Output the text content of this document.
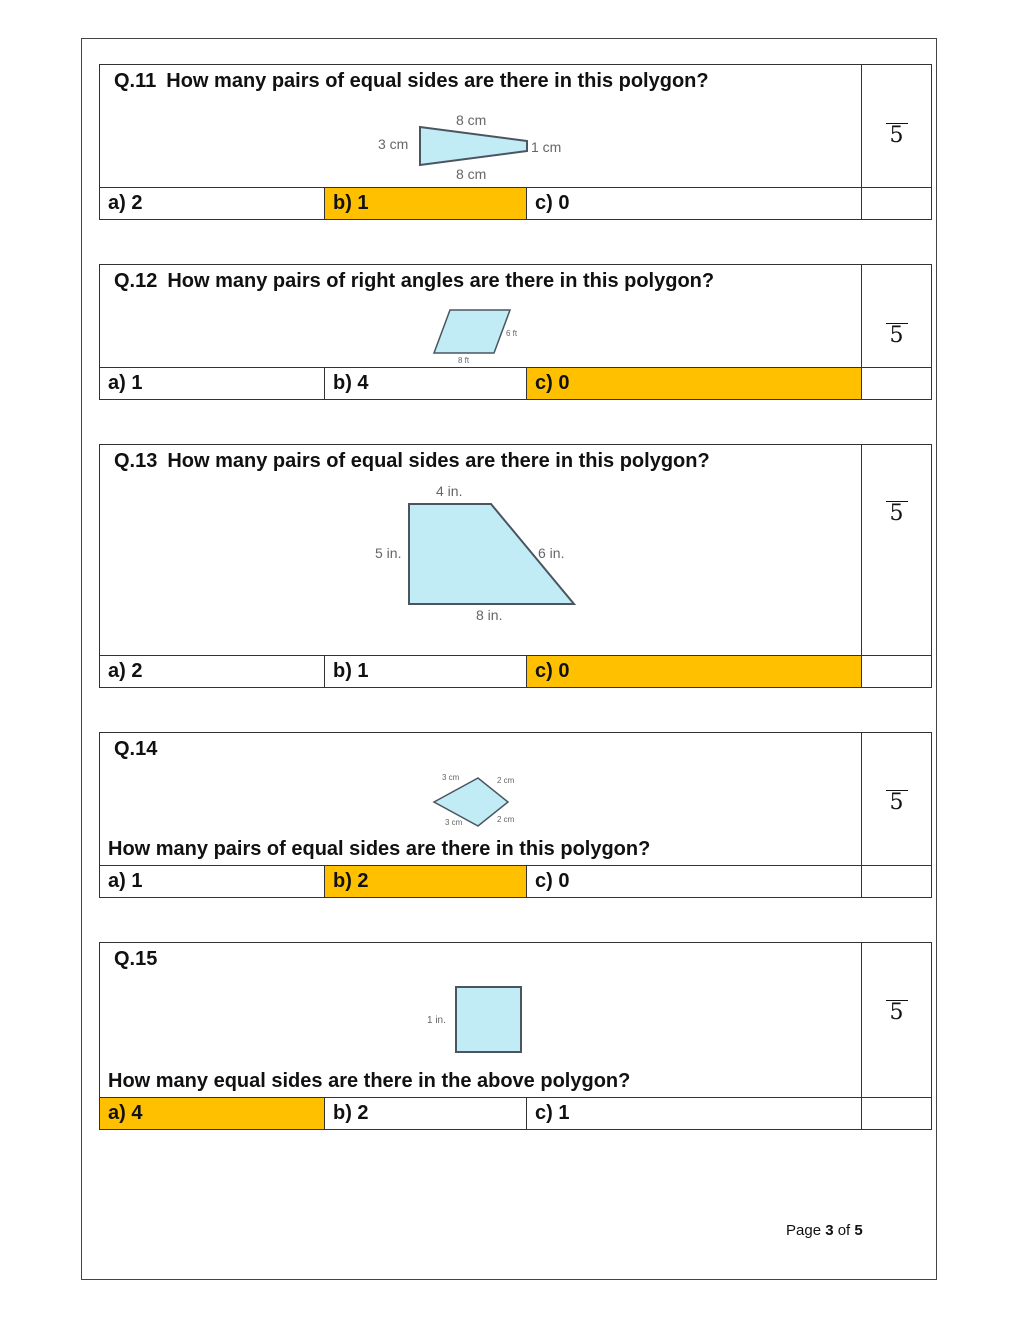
Q.11 How many pairs of equal sides are there in this polygon?
8 cm
3 cm	1 cm
8 cm
5
a) 2	b) 1	c) 0
Q.12 How many pairs of right angles are there in this polygon?
6 ft
8 ft
5
a) 1	b) 4	c) 0
Q.13 How many pairs of equal sides are there in this polygon?
4 in.
5 in.	6 in.
8 in.
5
a) 2	b) 1	c) 0
Q.14
3 cm	2 cm
3 cm	2 cm
How many pairs of equal sides are there in this polygon?
5
a) 1	b) 2	c) 0
Q.15
1 in.
How many equal sides are there in the above polygon?
5
a) 4	b) 2	c) 1
Page 3 of 5
